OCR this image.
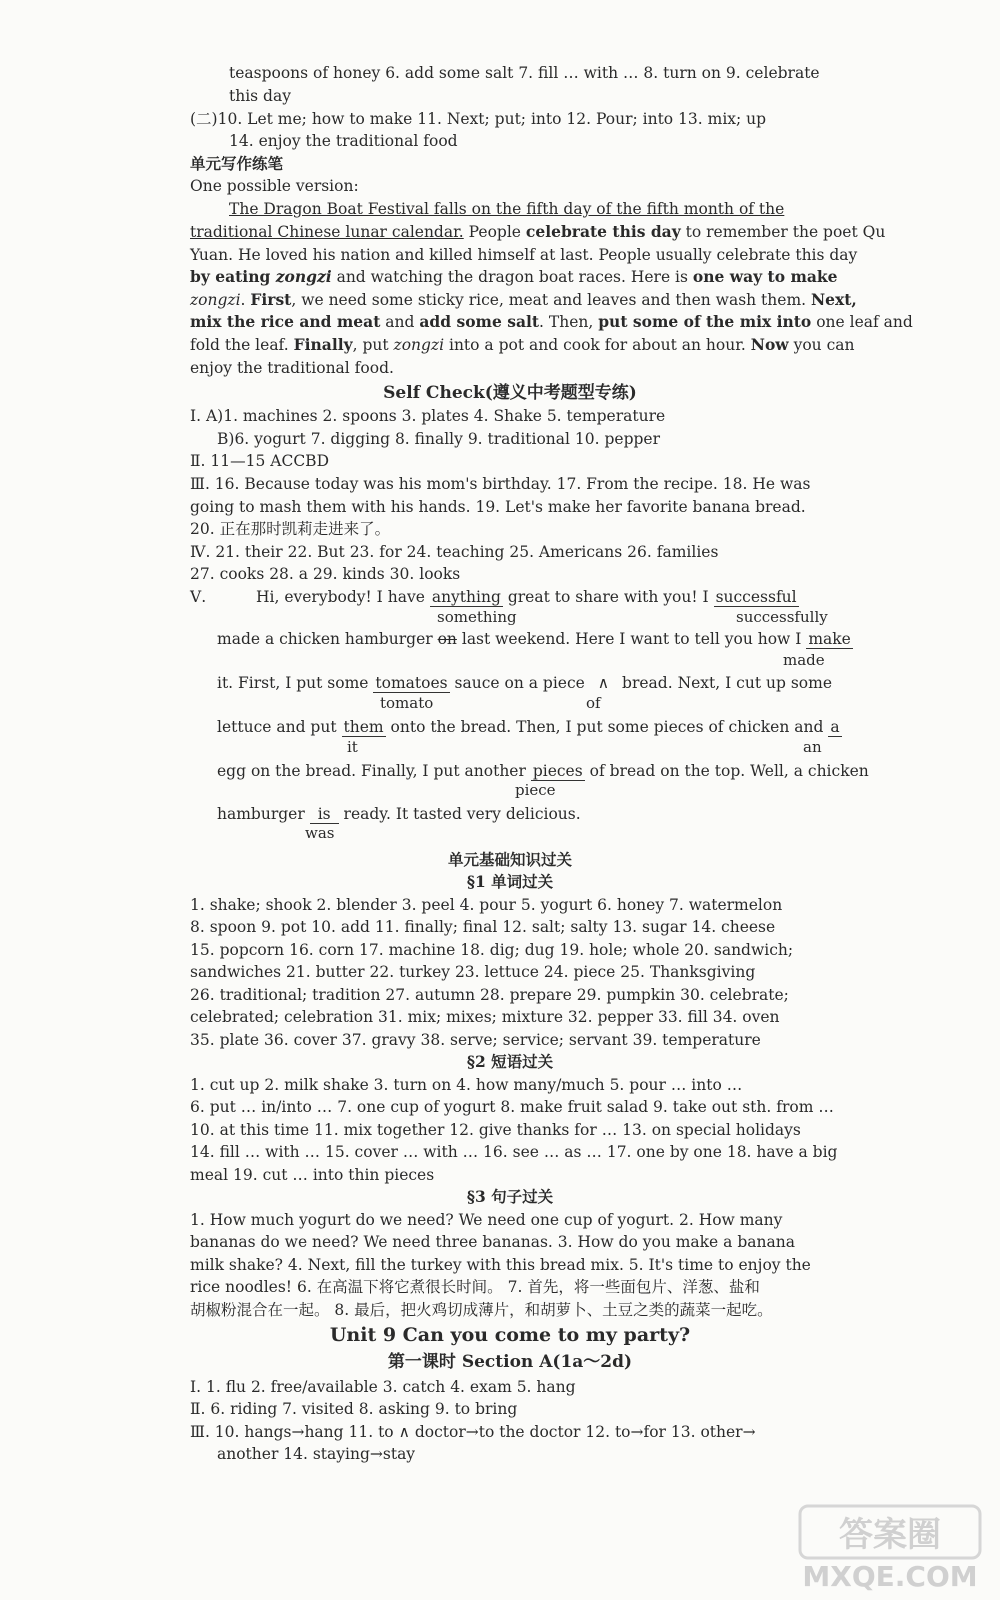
teaspoons of honey 6. add some salt 7. fill … with … 8. turn on 9. celebrate
this day
(二)10. Let me; how to make 11. Next; put; into 12. Pour; into 13. mix; up
14. enjoy the traditional food
单元写作练笔
One possible version:
The Dragon Boat Festival falls on the fifth day of the fifth month of the
traditional Chinese lunar calendar. People celebrate this day to remember the poet Qu
Yuan. He loved his nation and killed himself at last. People usually celebrate this day
by eating zongzi and watching the dragon boat races. Here is one way to make
zongzi. First, we need some sticky rice, meat and leaves and then wash them. Next,
mix the rice and meat and add some salt. Then, put some of the mix into one leaf and
fold the leaf. Finally, put zongzi into a pot and cook for about an hour. Now you can
enjoy the traditional food.
Self Check(遵义中考题型专练)
Ⅰ. A)1. machines 2. spoons 3. plates 4. Shake 5. temperature
B)6. yogurt 7. digging 8. finally 9. traditional 10. pepper
Ⅱ. 11—15 ACCBD
Ⅲ. 16. Because today was his mom's birthday. 17. From the recipe. 18. He was
going to mash them with his hands. 19. Let's make her favorite banana bread.
20. 正在那时凯莉走进来了。
Ⅳ. 21. their 22. But 23. for 24. teaching 25. Americans 26. families
27. cooks 28. a 29. kinds 30. looks
Ⅴ.	Hi, everybody! I have anything great to share with you! I successful
something	successfully
made a chicken hamburger on last weekend. Here I want to tell you how I make
made
it. First, I put some tomatoes sauce on a piece ∧ bread. Next, I cut up some
tomato	of
lettuce and put them onto the bread. Then, I put some pieces of chicken and a
it	an
egg on the bread. Finally, I put another pieces of bread on the top. Well, a chicken
piece
hamburger is ready. It tasted very delicious.
was
单元基础知识过关
§1 单词过关
1. shake; shook 2. blender 3. peel 4. pour 5. yogurt 6. honey 7. watermelon
8. spoon 9. pot 10. add 11. finally; final 12. salt; salty 13. sugar 14. cheese
15. popcorn 16. corn 17. machine 18. dig; dug 19. hole; whole 20. sandwich;
sandwiches 21. butter 22. turkey 23. lettuce 24. piece 25. Thanksgiving
26. traditional; tradition 27. autumn 28. prepare 29. pumpkin 30. celebrate;
celebrated; celebration 31. mix; mixes; mixture 32. pepper 33. fill 34. oven
35. plate 36. cover 37. gravy 38. serve; service; servant 39. temperature
§2 短语过关
1. cut up 2. milk shake 3. turn on 4. how many/much 5. pour … into …
6. put … in/into … 7. one cup of yogurt 8. make fruit salad 9. take out sth. from …
10. at this time 11. mix together 12. give thanks for … 13. on special holidays
14. fill … with … 15. cover … with … 16. see … as … 17. one by one 18. have a big
meal 19. cut … into thin pieces
§3 句子过关
1. How much yogurt do we need? We need one cup of yogurt. 2. How many
bananas do we need? We need three bananas. 3. How do you make a banana
milk shake? 4. Next, fill the turkey with this bread mix. 5. It's time to enjoy the
rice noodles! 6. 在高温下将它煮很长时间。 7. 首先，将一些面包片、洋葱、盐和
胡椒粉混合在一起。 8. 最后，把火鸡切成薄片，和胡萝卜、土豆之类的蔬菜一起吃。
Unit 9 Can you come to my party?
第一课时 Section A(1a～2d)
Ⅰ. 1. flu 2. free/available 3. catch 4. exam 5. hang
Ⅱ. 6. riding 7. visited 8. asking 9. to bring
Ⅲ. 10. hangs→hang 11. to ∧ doctor→to the doctor 12. to→for 13. other→
another 14. staying→stay
答案圈
MXQE.COM
